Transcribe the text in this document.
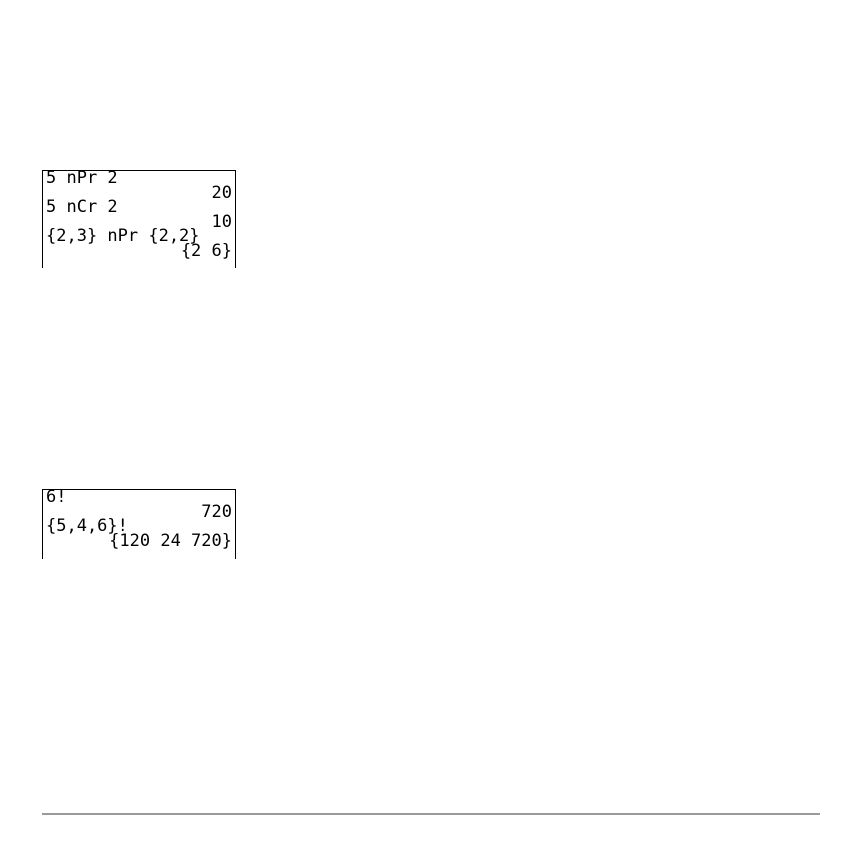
5 nPr 2
20
5 nCr 2
10
{2,3} nPr {2,2}
{2 6}
6!
720
{5,4,6}!
{120 24 720}
